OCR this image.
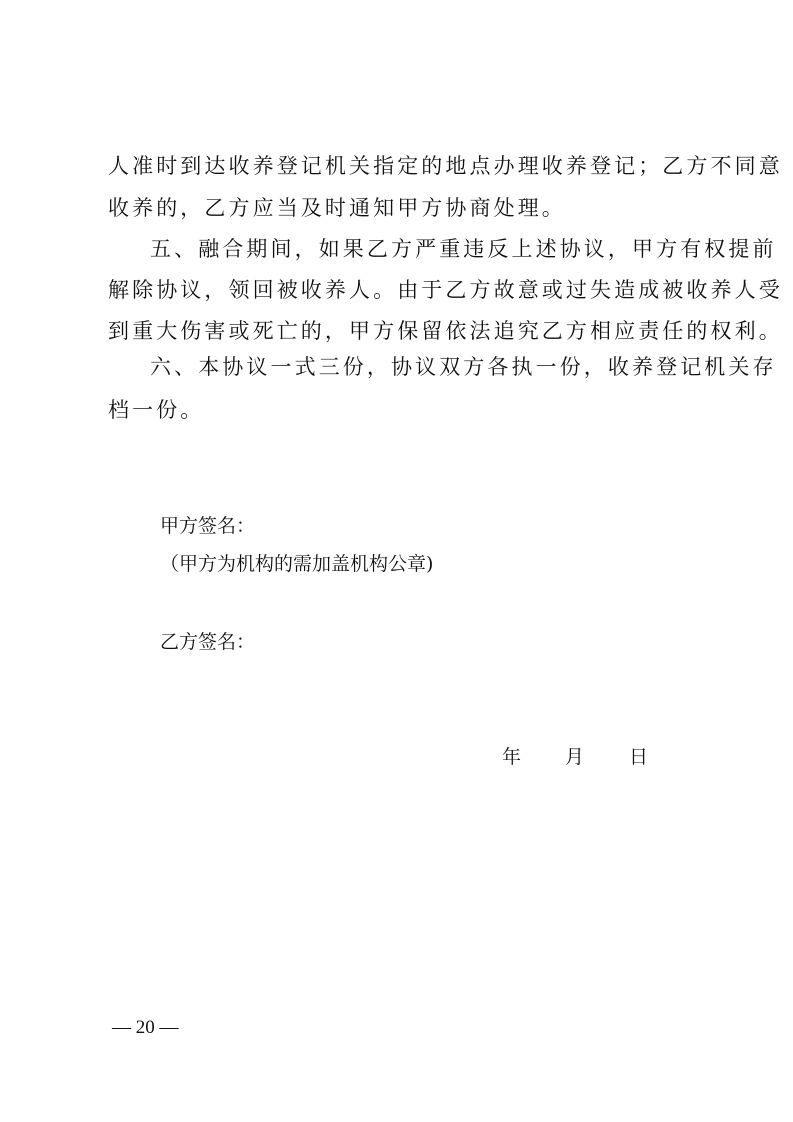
人准时到达收养登记机关指定的地点办理收养登记；乙方不同意
收养的，乙方应当及时通知甲方协商处理。
五、融合期间，如果乙方严重违反上述协议，甲方有权提前
解除协议，领回被收养人。由于乙方故意或过失造成被收养人受
到重大伤害或死亡的，甲方保留依法追究乙方相应责任的权利。
六、本协议一式三份，协议双方各执一份，收养登记机关存
档一份。
甲方签名：
（甲方为机构的需加盖机构公章)
乙方签名：
年 月 日
— 20 —
